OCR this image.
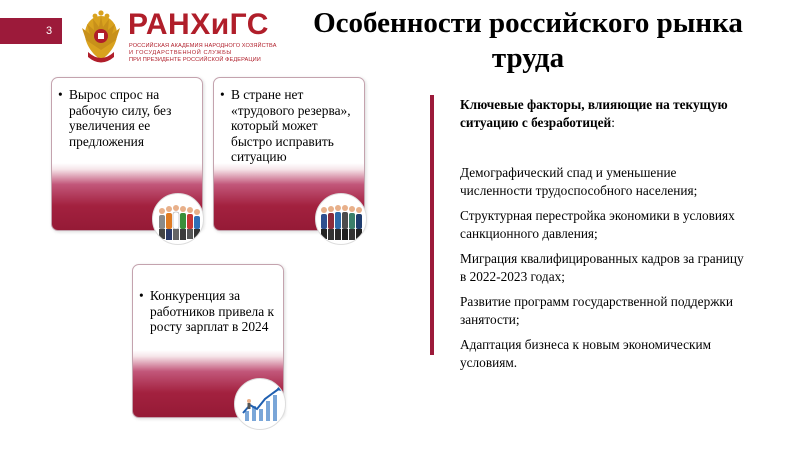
3	РАНХиГС
РОССИЙСКАЯ АКАДЕМИЯ НАРОДНОГО ХОЗЯЙСТВА
И ГОСУДАРСТВЕННОЙ СЛУЖБЫ
ПРИ ПРЕЗИДЕНТЕ РОССИЙСКОЙ ФЕДЕРАЦИИ
Особенности российского рынка
труда
• Вырос спрос на рабочую силу, без увеличения ее предложения
• В стране нет «трудового резерва», который может быстро исправить ситуацию
• Конкуренция за работников привела к росту зарплат в 2024
Ключевые факторы, влияющие на текущую ситуацию с безработицей:
Демографический спад и уменьшение численности трудоспособного населения;
Структурная перестройка экономики в условиях санкционного давления;
Миграция квалифицированных кадров за границу в 2022-2023 годах;
Развитие программ государственной поддержки занятости;
Адаптация бизнеса к новым экономическим условиям.
